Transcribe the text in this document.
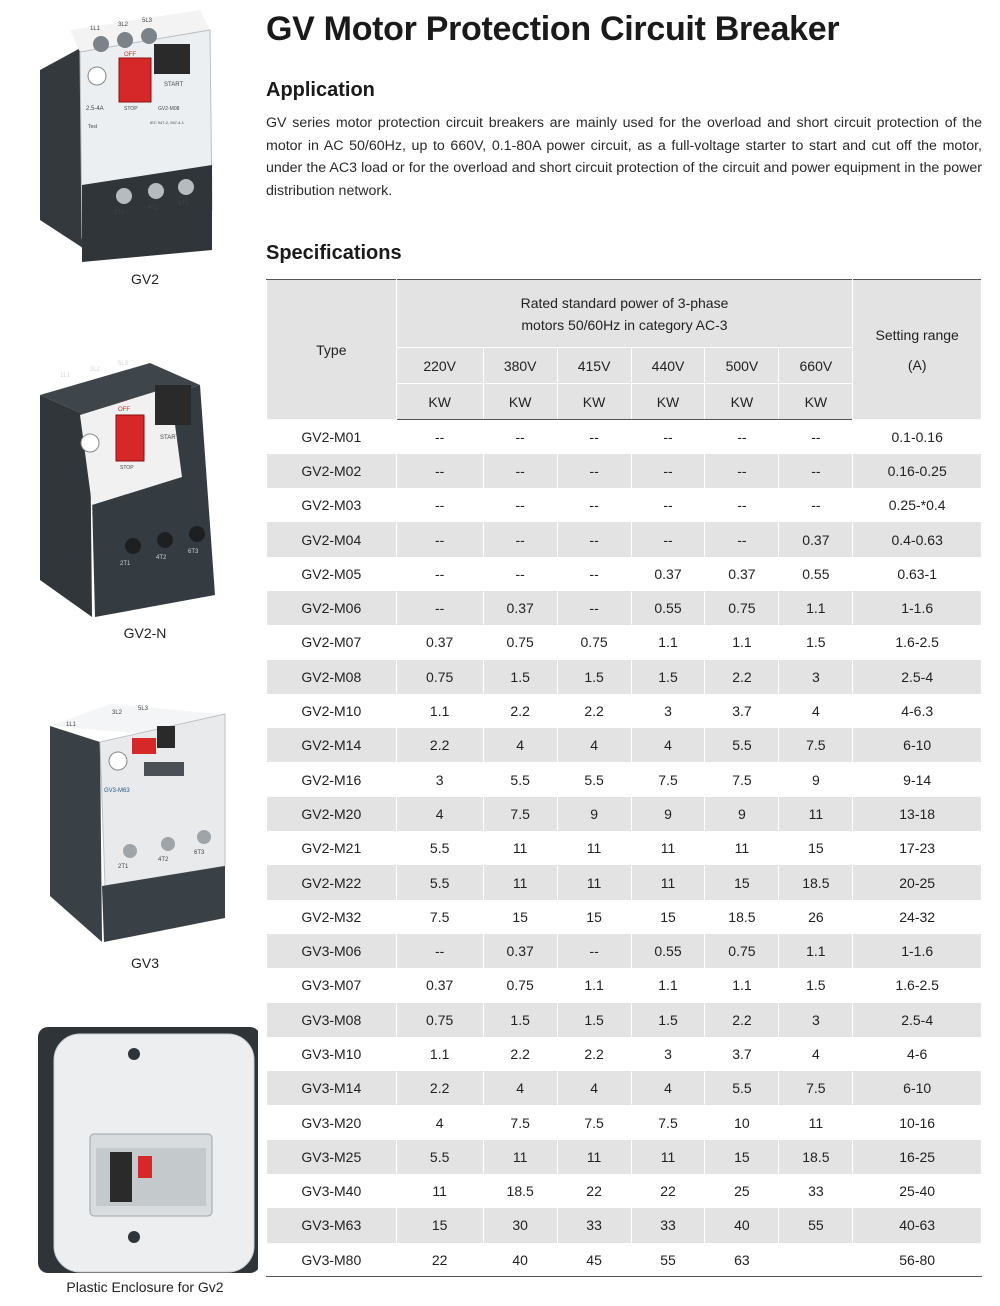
1L1
3L2
5L3
OFF
STOP
START
2.5-4A
Test
GV2-M08
IEC 947-2, 947-4-1
2T1
4T2
6T3
GV2
1L1
3L2
5L3
OFF
STOP
START
2T1
4T2
6T3
GV2-N
1L1
3L2
5L3
GV3-M63
2T1
4T2
6T3
GV3
Plastic Enclosure for Gv2
GV Motor Protection Circuit Breaker
Application
GV series motor protection circuit breakers are mainly used for the overload and short circuit protection of the motor in AC 50/60Hz, up to 660V, 0.1-80A power circuit, as a full-voltage starter to start and cut off the motor, under the AC3 load or for the overload and short circuit protection of the circuit and power equipment in the power distribution network.
Specifications
Type	Rated standard power of 3-phase
motors 50/60Hz in category AC-3						Setting range
(A)
	220V	380V	415V	440V	500V	660V	
	KW	KW	KW	KW	KW	KW	
GV2-M01	--	--	--	--	--	--	0.1-0.16
GV2-M02	--	--	--	--	--	--	0.16-0.25
GV2-M03	--	--	--	--	--	--	0.25-*0.4
GV2-M04	--	--	--	--	--	0.37	0.4-0.63
GV2-M05	--	--	--	0.37	0.37	0.55	0.63-1
GV2-M06	--	0.37	--	0.55	0.75	1.1	1-1.6
GV2-M07	0.37	0.75	0.75	1.1	1.1	1.5	1.6-2.5
GV2-M08	0.75	1.5	1.5	1.5	2.2	3	2.5-4
GV2-M10	1.1	2.2	2.2	3	3.7	4	4-6.3
GV2-M14	2.2	4	4	4	5.5	7.5	6-10
GV2-M16	3	5.5	5.5	7.5	7.5	9	9-14
GV2-M20	4	7.5	9	9	9	11	13-18
GV2-M21	5.5	11	11	11	11	15	17-23
GV2-M22	5.5	11	11	11	15	18.5	20-25
GV2-M32	7.5	15	15	15	18.5	26	24-32
GV3-M06	--	0.37	--	0.55	0.75	1.1	1-1.6
GV3-M07	0.37	0.75	1.1	1.1	1.1	1.5	1.6-2.5
GV3-M08	0.75	1.5	1.5	1.5	2.2	3	2.5-4
GV3-M10	1.1	2.2	2.2	3	3.7	4	4-6
GV3-M14	2.2	4	4	4	5.5	7.5	6-10
GV3-M20	4	7.5	7.5	7.5	10	11	10-16
GV3-M25	5.5	11	11	11	15	18.5	16-25
GV3-M40	11	18.5	22	22	25	33	25-40
GV3-M63	15	30	33	33	40	55	40-63
GV3-M80	22	40	45	55	63		56-80
